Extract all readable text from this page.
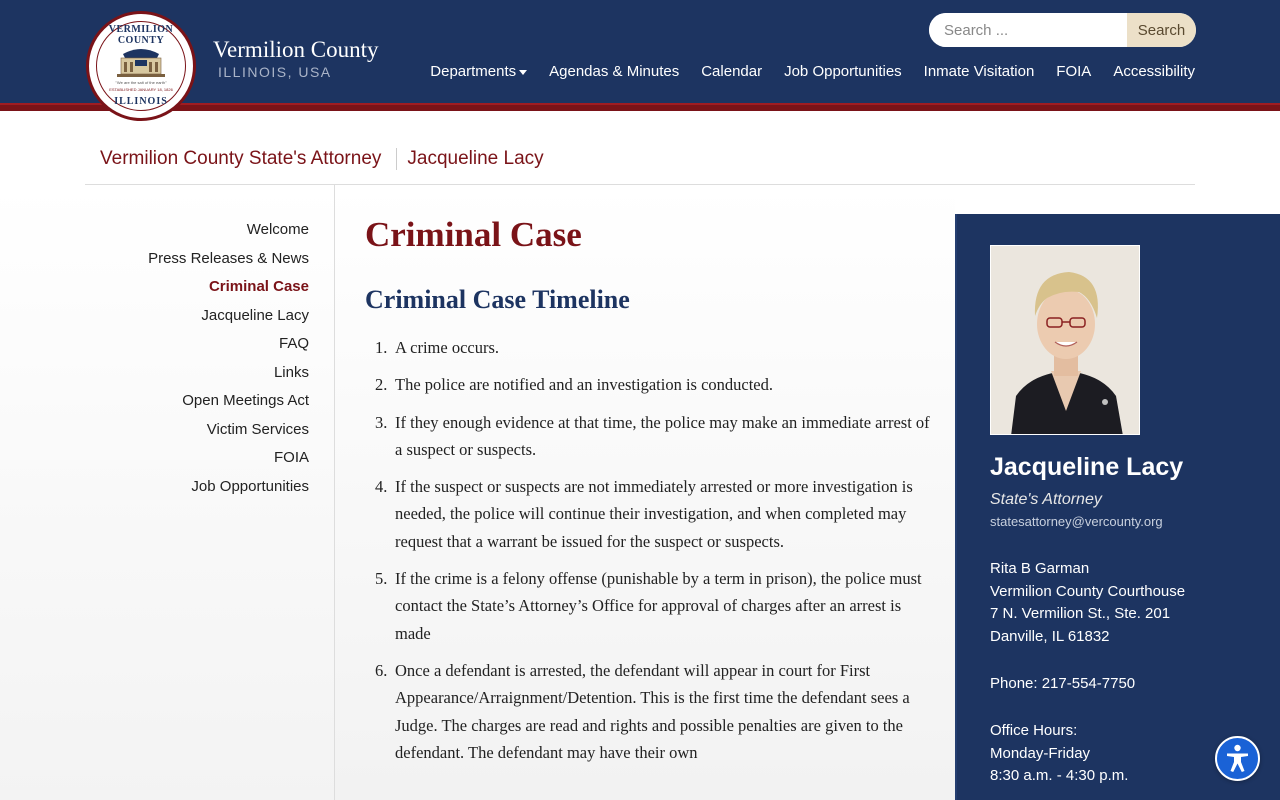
VERMILION COUNTY
"We are the salt of the earth"
ESTABLISHED JANUARY 18, 1826
ILLINOIS
Vermilion County
ILLINOIS, USA
Search ...
Search
Departments	Agendas & Minutes Calendar Job Opportunities Inmate Visitation FOIA Accessibility
Vermilion County State's Attorney Jacqueline Lacy
Welcome
Press Releases & News
Criminal Case
Jacqueline Lacy
FAQ
Links
Open Meetings Act
Victim Services
FOIA
Job Opportunities
Criminal Case
Criminal Case Timeline
1. A crime occurs.
2. The police are notified and an investigation is conducted.
3. If they enough evidence at that time, the police may make an immediate arrest of a suspect or suspects.
4. If the suspect or suspects are not immediately arrested or more investigation is needed, the police will continue their investigation, and when completed may request that a warrant be issued for the suspect or suspects.
5. If the crime is a felony offense (punishable by a term in prison), the police must contact the State’s Attorney’s Office for approval of charges after an arrest is made
6. Once a defendant is arrested, the defendant will appear in court for First Appearance/Arraignment/Detention. This is the first time the defendant sees a Judge. The charges are read and rights and possible penalties are given to the defendant. The defendant may have their own
Jacqueline Lacy
State's Attorney
statesattorney@vercounty.org
Rita B Garman
Vermilion County Courthouse
7 N. Vermilion St., Ste. 201
Danville, IL 61832
Phone: 217-554-7750
Office Hours:
Monday-Friday
8:30 a.m. - 4:30 p.m.
